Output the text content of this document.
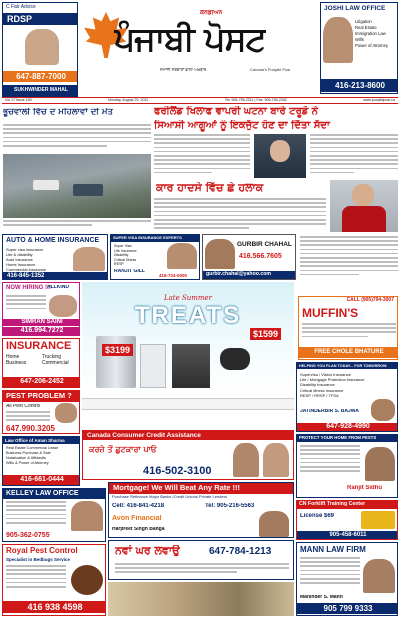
C Fair Advice
RDSP
647-887-7000
SUKHWINDER MAHAL
ਕੈਨੇਡੀਅਨ
ਪੰਜਾਬੀ ਪੋਸਟ
ਸਮਾਜੀ ਸਰੋਕਾਰਾਂ ਵਾਲਾ ਅਖ਼ਬਾਰ	Canada's Punjabi Post
JOSHI LAW OFFICE
Litigation
Real Estate
Immigration Law
Wills
Power of Attorney
416-213-8600
Vol 17 Issue 169	Monday, August 29, 2022	Tel: 905-795-2211 | Fax: 905-795-2262	www.punjabipost.ca
ਭੂਚੋਵਾਲੀ ਵਿੱਚ ਦੋ ਮਹਿਲਾਵਾਂ ਦੀ ਮੌਤ	ਫਰੀਲੈਂਡ ਖਿਲਾਫ ਵਾਪਰੀ ਘਟਨਾ ਬਾਰੇ ਟਰੂਡੋ ਨੇ
ਸਿਆਸੀ ਆਗੂਆਂ ਨੂੰ ਇਕਜੁੱਟ ਹੋਣ ਦਾ ਦਿੱਤਾ ਸੱਦਾ
ਕਾਰ ਹਾਦਸੇ ਵਿੱਚ ਛੇ ਹਲਾਕ
AUTO & HOME INSURANCE
Super visa insurance
Life & disability
Auto Insurance
Home Insurance
Commercial Insurance
416-845-1352
SUPER VISA INSURANCE EXPERTS
Super Visa
Life Insurance
Disability
Critical Illness
RESP
RANJIT GILL
416-724-0000
GURBIR CHAHAL
416.566.7605
gurbir.chahal@yahoo.com
NOW HIRING !!!
ALLKIND
SIMRAN SAINI
416.994.7272
Late Summer
TREATS
$1599
$3199
CALL (905)794-3007
MUFFIN'S
FREE CHOLE BHATURE
INSURANCE
Home	Trucking
Business	Commercial
647-206-2452
PEST PROBLEM ?
All Pest Control
647.990.3205
HELPING YOU PLAN TODAY... FOR TOMORROW
Supervisa / Visitor Insurance
Life / Mortgage Protection Insurance
Disability Insurance
Critical Illness Insurance
RESP / RRSP / TFSA
JATINDERBIR S. BAJWA
647-928-4990
Law Office of Aman Sharma
Real Estate Commercial Lease
Business Purchase & Sale
Notarization & Affidavits
Wills & Power of Attorney
416-661-0444
Canada Consumer Credit Assistance
ਕਰਜ਼ੇ ਤੋਂ ਛੁਟਕਾਰਾ ਪਾਓ
416-502-3100
PROTECT YOUR HOME FROM PESTS
Ranjit Sidhu
KELLEY LAW OFFICE
905-362-0755
Mortgage! We Will Beat Any Rate !!!
Purchase Refinance Major Banks /Credit Unions Private Lenders
Cell: 416-841-4218	Tel: 905-216-5563
Avon Financial
Harpreet Singh Banga
CN Forklift Training Center
License $69
905-458-6011
Royal Pest Control
Specialist in Bedbugs Service
416 938 4598
ਨਵਾਂ ਘਰ ਲਵਾਉ	647-784-1213	MANN LAW FIRM
Maninder S. Mann
905 799 9333
